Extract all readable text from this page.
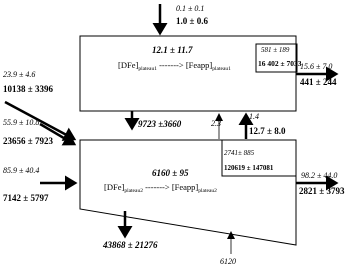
0.1 ± 0.1
1.0 ± 0.6
12.1 ± 11.7
$[DFe]_{plateau1}$ -------> $[Feapp]_{plateau1}$
581 ± 189
16 402 ± 7033
15.6 ± 7.0
441 ± 244
23.9 ± 4.6
10138 ± 3396
55.9 ± 10.8
23656 ± 7923
85.9 ± 40.4
7142 ± 5797
9723 ±3660	2.3
1.4
12.7 ± 8.0
6160 ± 95
$[DFe]_{plateau2}$ -------> $[Feapp]_{plateau2}$
2741± 885
120619 ± 147081
98.2 ± 44.0
2821 ± 3793
43868 ± 21276
6120
